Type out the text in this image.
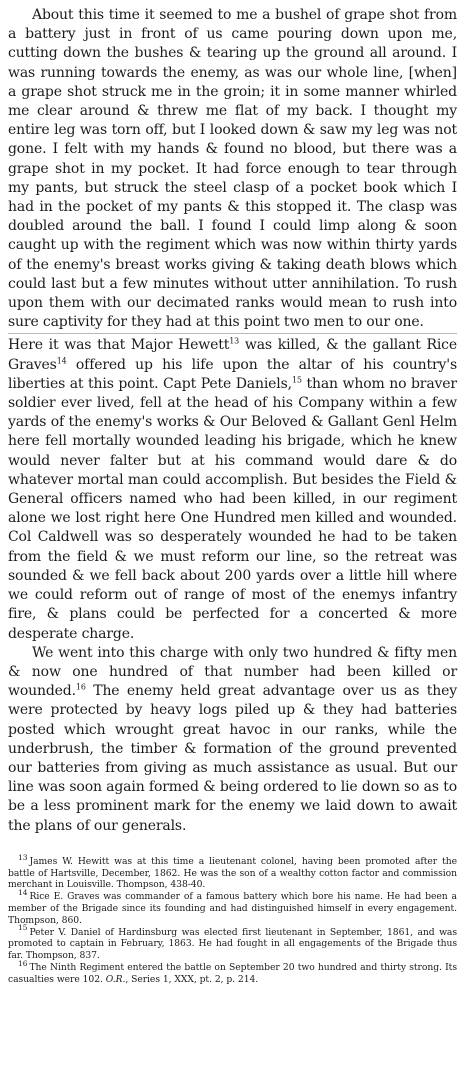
About this time it seemed to me a bushel of grape shot from a battery just in front of us came pouring down upon me, cutting down the bushes & tearing up the ground all around. I was running towards the enemy, as was our whole line, [when] a grape shot struck me in the groin; it in some manner whirled me clear around & threw me flat of my back. I thought my entire leg was torn off, but I looked down & saw my leg was not gone. I felt with my hands & found no blood, but there was a grape shot in my pocket. It had force enough to tear through my pants, but struck the steel clasp of a pocket book which I had in the pocket of my pants & this stopped it. The clasp was doubled around the ball. I found I could limp along & soon caught up with the regiment which was now within thirty yards of the enemy's breast works giving & taking death blows which could last but a few minutes without utter annihilation. To rush upon them with our decimated ranks would mean to rush into sure captivity for they had at this point two men to our one.

Here it was that Major Hewett$^{13}$ was killed, & the gallant Rice Graves$^{14}$ offered up his life upon the altar of his country's liberties at this point. Capt Pete Daniels,$^{15}$ than whom no braver soldier ever lived, fell at the head of his Company within a few yards of the enemy's works & Our Beloved & Gallant Genl Helm here fell mortally wounded leading his brigade, which he knew would never falter but at his command would dare & do whatever mortal man could accomplish. But besides the Field & General officers named who had been killed, in our regiment alone we lost right here One Hundred men killed and wounded. Col Caldwell was so desperately wounded he had to be taken from the field & we must reform our line, so the retreat was sounded & we fell back about 200 yards over a little hill where we could reform out of range of most of the enemys infantry fire, & plans could be perfected for a concerted & more desperate charge.

We went into this charge with only two hundred & fifty men & now one hundred of that number had been killed or wounded.$^{16}$ The enemy held great advantage over us as they were protected by heavy logs piled up & they had batteries posted which wrought great havoc in our ranks, while the underbrush, the timber & formation of the ground prevented our batteries from giving as much assistance as usual. But our line was soon again formed & being ordered to lie down so as to be a less prominent mark for the enemy we laid down to await the plans of our generals.

$^{13}$ James W. Hewitt was at this time a lieutenant colonel, having been promoted after the battle of Hartsville, December, 1862. He was the son of a wealthy cotton factor and commission merchant in Louisville. Thompson, 438-40.

$^{14}$ Rice E. Graves was commander of a famous battery which bore his name. He had been a member of the Brigade since its founding and had distinguished himself in every engagement. Thompson, 860.

$^{15}$ Peter V. Daniel of Hardinsburg was elected first lieutenant in September, 1861, and was promoted to captain in February, 1863. He had fought in all engagements of the Brigade thus far. Thompson, 837.

$^{16}$ The Ninth Regiment entered the battle on September 20 two hundred and thirty strong. Its casualties were 102. O.R., Series 1, XXX, pt. 2, p. 214.
